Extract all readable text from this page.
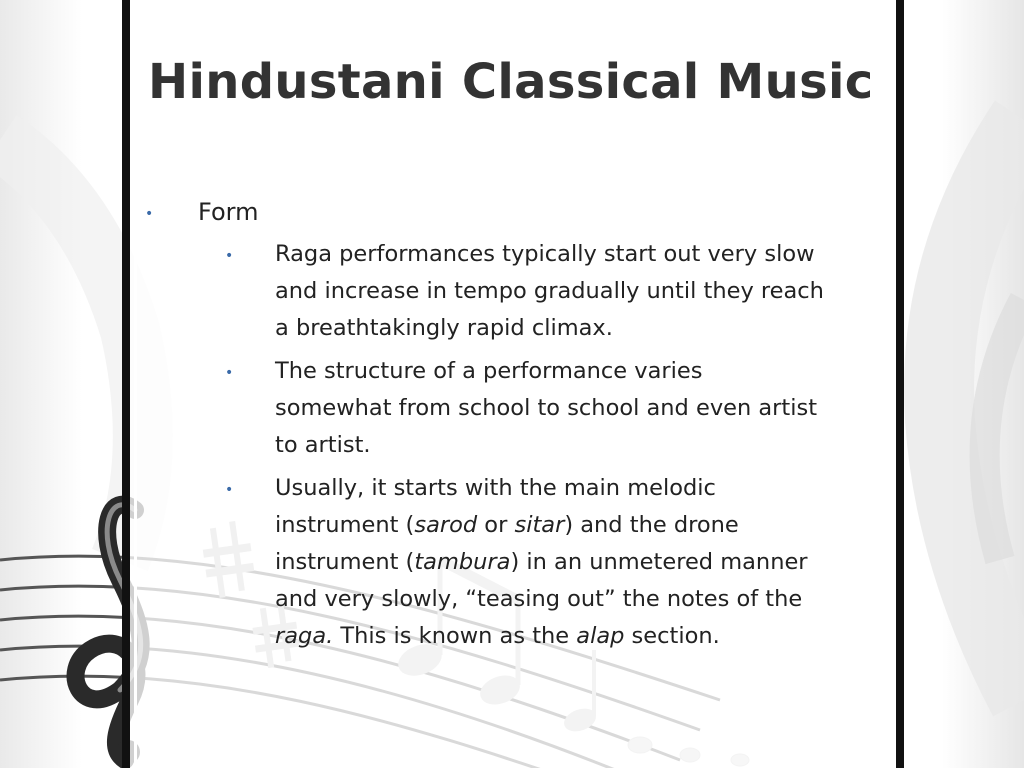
Hindustani Classical Music
• Form
• Raga performances typically start out very slow
and increase in tempo gradually until they reach
a breathtakingly rapid climax.
• The structure of a performance varies
somewhat from school to school and even artist
to artist.
• Usually, it starts with the main melodic
instrument (sarod or sitar) and the drone
instrument (tambura) in an unmetered manner
and very slowly, “teasing out” the notes of the
raga. This is known as the alap section.
